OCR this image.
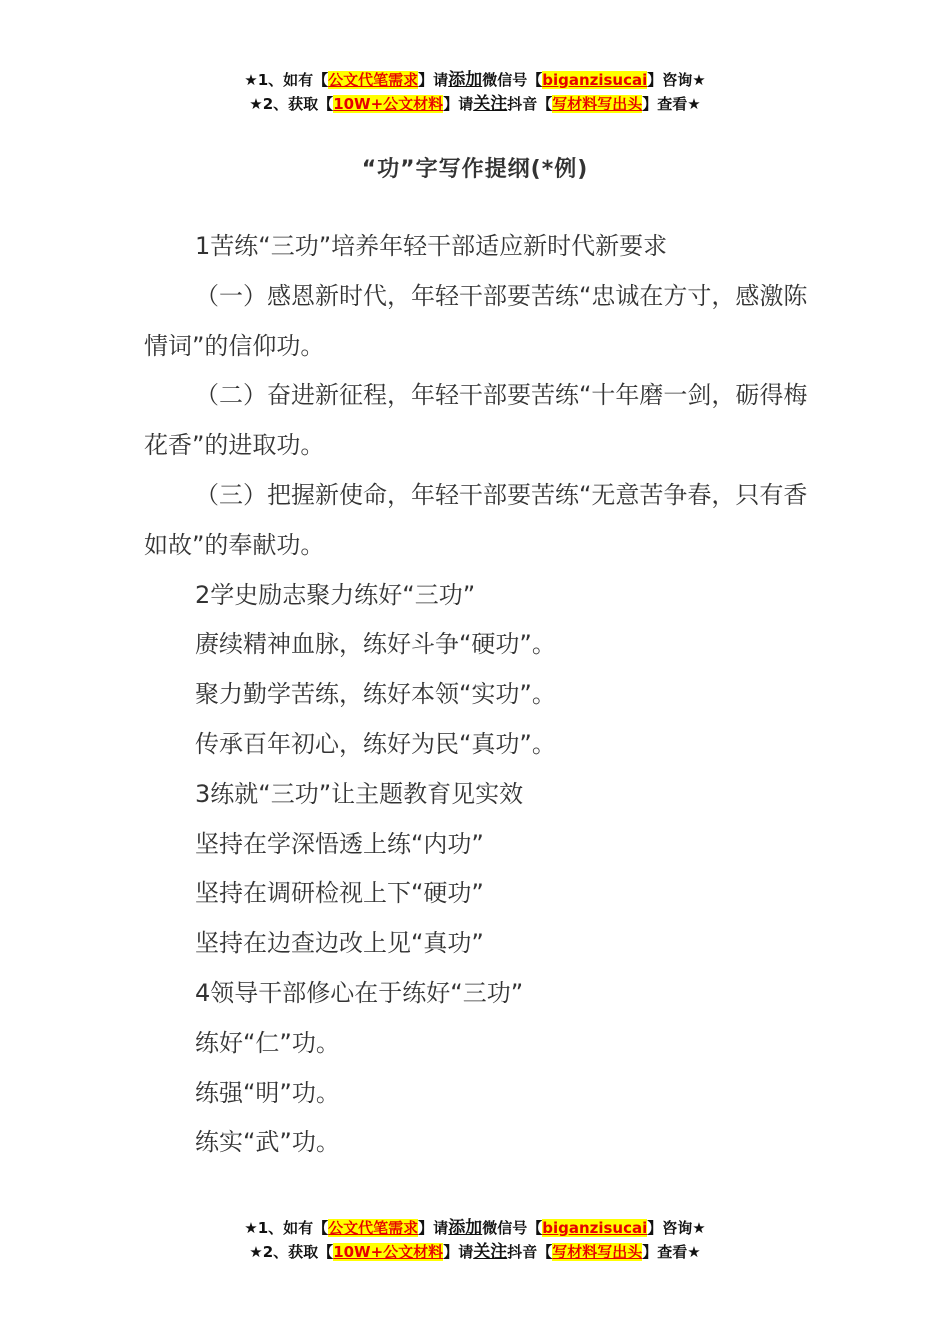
★1、如有【公文代笔需求】请添加微信号【biganzisucai】咨询★
★2、获取【10W+公文材料】请关注抖音【写材料写出头】查看★
“功”字写作提纲(*例)

1苦练“三功”培养年轻干部适应新时代新要求

（一）感恩新时代，年轻干部要苦练“忠诚在方寸，感激陈情词”的信仰功。

（二）奋进新征程，年轻干部要苦练“十年磨一剑，砺得梅花香”的进取功。

（三）把握新使命，年轻干部要苦练“无意苦争春，只有香如故”的奉献功。

2学史励志聚力练好“三功”

赓续精神血脉，练好斗争“硬功”。

聚力勤学苦练，练好本领“实功”。

传承百年初心，练好为民“真功”。

3练就“三功”让主题教育见实效

坚持在学深悟透上练“内功”

坚持在调研检视上下“硬功”

坚持在边查边改上见“真功”

4领导干部修心在于练好“三功”

练好“仁”功。

练强“明”功。

练实“武”功。

★1、如有【公文代笔需求】请添加微信号【biganzisucai】咨询★
★2、获取【10W+公文材料】请关注抖音【写材料写出头】查看★
